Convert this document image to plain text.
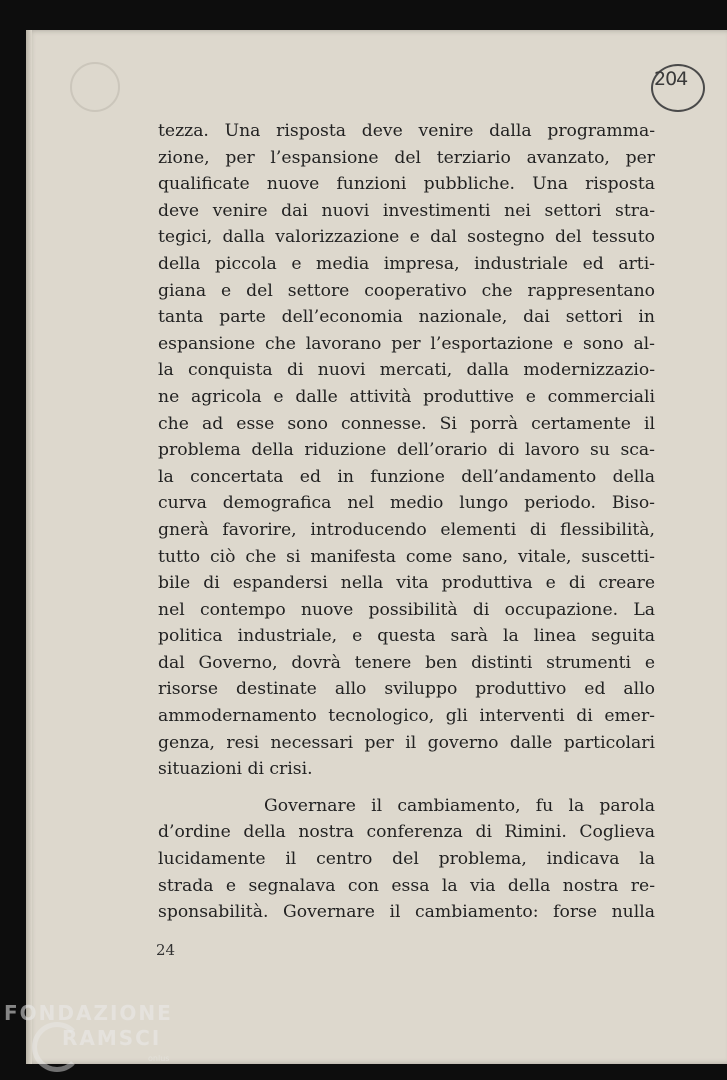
204
tezza. Una risposta deve venire dalla programma-
zione, per l’espansione del terziario avanzato, per
qualificate nuove funzioni pubbliche. Una risposta
deve venire dai nuovi investimenti nei settori stra-
tegici, dalla valorizzazione e dal sostegno del tessuto
della piccola e media impresa, industriale ed arti-
giana e del settore cooperativo che rappresentano
tanta parte dell’economia nazionale, dai settori in
espansione che lavorano per l’esportazione e sono al-
la conquista di nuovi mercati, dalla modernizzazio-
ne agricola e dalle attività produttive e commerciali
che ad esse sono connesse. Si porrà certamente il
problema della riduzione dell’orario di lavoro su sca-
la concertata ed in funzione dell’andamento della
curva demografica nel medio lungo periodo. Biso-
gnerà favorire, introducendo elementi di flessibilità,
tutto ciò che si manifesta come sano, vitale, suscetti-
bile di espandersi nella vita produttiva e di creare
nel contempo nuove possibilità di occupazione. La
politica industriale, e questa sarà la linea seguita
dal Governo, dovrà tenere ben distinti strumenti e
risorse destinate allo sviluppo produttivo ed allo
ammodernamento tecnologico, gli interventi di emer-
genza, resi necessari per il governo dalle particolari
situazioni di crisi.
Governare il cambiamento, fu la parola
d’ordine della nostra conferenza di Rimini. Coglieva
lucidamente il centro del problema, indicava la
strada e segnalava con essa la via della nostra re-
sponsabilità. Governare il cambiamento: forse nulla
24
FONDAZIONE
RAMSCI
onlus
